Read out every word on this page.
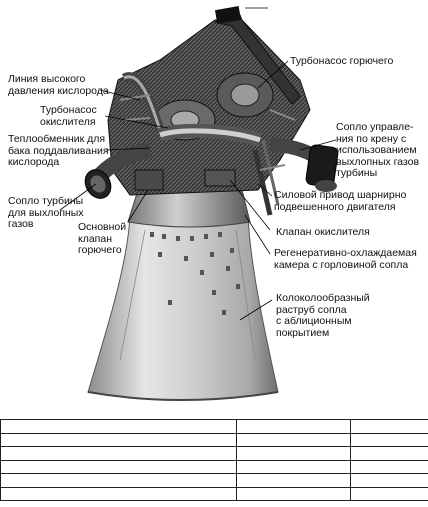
Турбонасос горючего
Линия высокого
давления кислорода
Турбонасос
окислителя
Теплообменник для
бака поддавливания
кислорода
Сопло управле-
ния по крену с
использованием
выхлопных газов
турбины
Силовой привод шарнирно
подвешенного двигателя
Сопло турбины
для выхлопных
газов	Основной
клапан
горючего
Клапан окислителя
Регенеративно-охлаждаемая
камера с горловиной сопла
Колоколообразный
раструб сопла
с аблиционным
покрытием
